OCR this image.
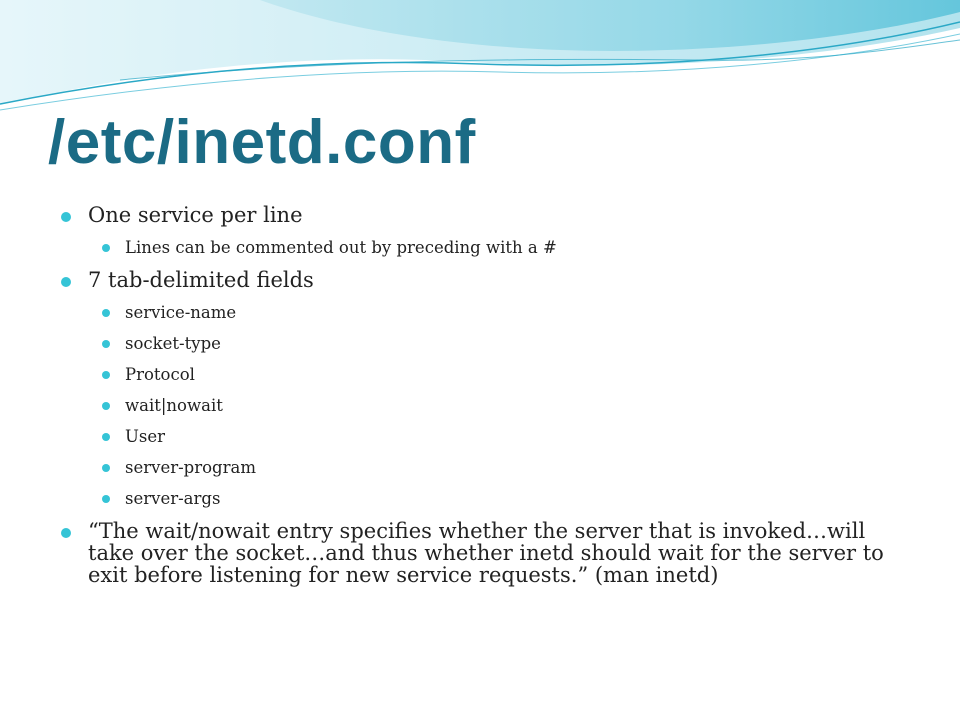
/etc/inetd.conf
One service per line
Lines can be commented out by preceding with a #
7 tab-delimited fields
service-name
socket-type
Protocol
wait|nowait
User
server-program
server-args
“The wait/nowait entry specifies whether the server that is invoked…will take over the socket…and thus whether inetd should wait for the server to exit before listening for new service requests.” (man inetd)
